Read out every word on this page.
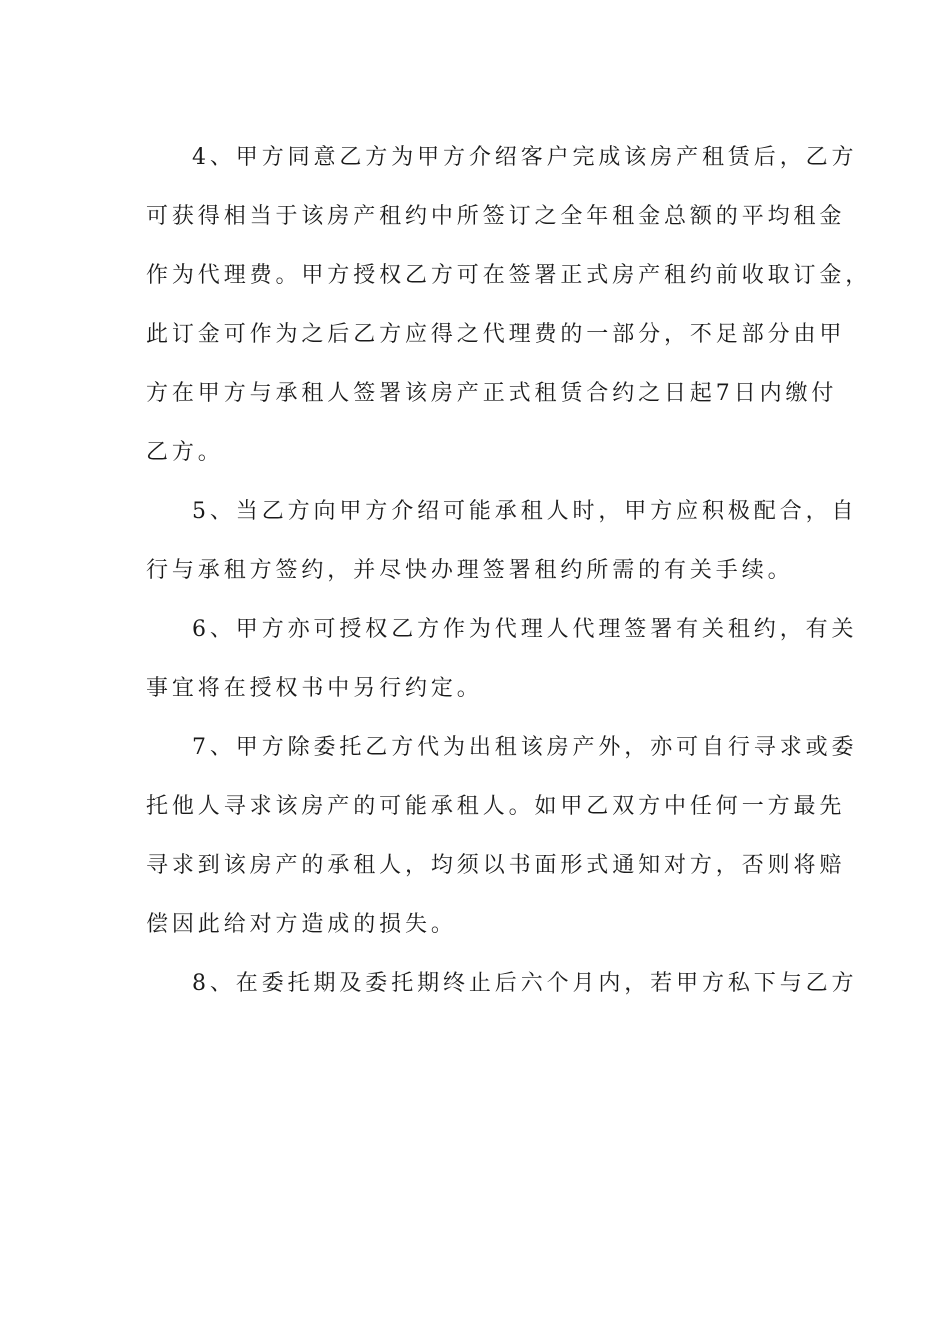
4、甲方同意乙方为甲方介绍客户完成该房产租赁后，乙方
可获得相当于该房产租约中所签订之全年租金总额的平均租金
作为代理费。甲方授权乙方可在签署正式房产租约前收取订金，
此订金可作为之后乙方应得之代理费的一部分，不足部分由甲
方在甲方与承租人签署该房产正式租赁合约之日起7日内缴付
乙方。
5、当乙方向甲方介绍可能承租人时，甲方应积极配合，自
行与承租方签约，并尽快办理签署租约所需的有关手续。
6、甲方亦可授权乙方作为代理人代理签署有关租约，有关
事宜将在授权书中另行约定。
7、甲方除委托乙方代为出租该房产外，亦可自行寻求或委
托他人寻求该房产的可能承租人。如甲乙双方中任何一方最先
寻求到该房产的承租人，均须以书面形式通知对方，否则将赔
偿因此给对方造成的损失。
8、在委托期及委托期终止后六个月内，若甲方私下与乙方
